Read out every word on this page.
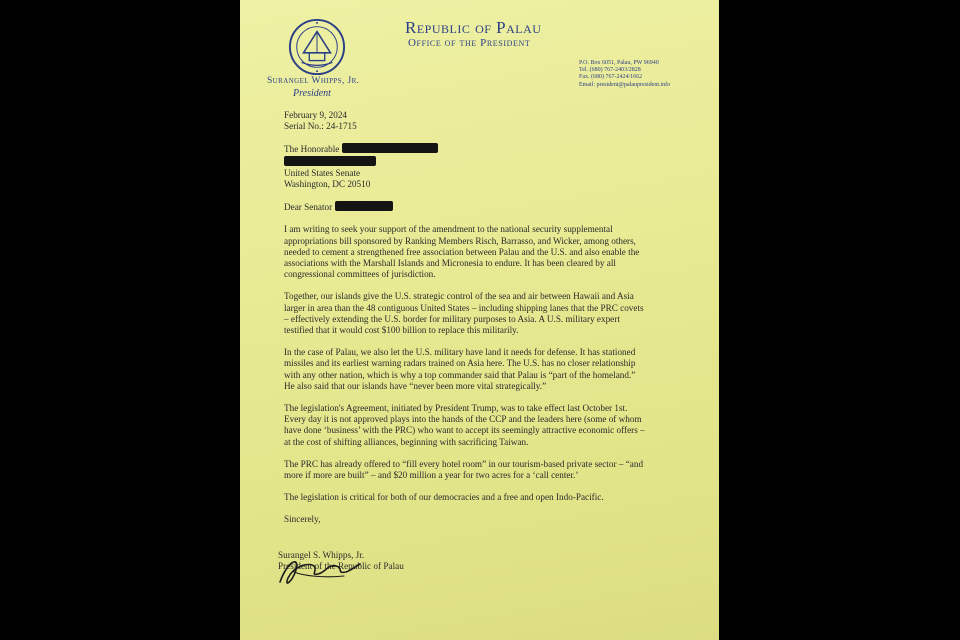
Republic of Palau
Office of the President
Surangel Whipps, Jr.
President
P.O. Box 6051, Palau, PW 96940
Tel. (680) 767-2403/2828
Fax. (680) 767-2424/1662
Email: president@palaupresident.info
February 9, 2024
Serial No.: 24-1715
The Honorable
United States Senate
Washington, DC 20510
Dear Senator
I am writing to seek your support of the amendment to the national security supplemental
appropriations bill sponsored by Ranking Members Risch, Barrasso, and Wicker, among others,
needed to cement a strengthened free association between Palau and the U.S. and also enable the
associations with the Marshall Islands and Micronesia to endure. It has been cleared by all
congressional committees of jurisdiction.
Together, our islands give the U.S. strategic control of the sea and air between Hawaii and Asia
larger in area than the 48 contiguous United States – including shipping lanes that the PRC covets
– effectively extending the U.S. border for military purposes to Asia. A U.S. military expert
testified that it would cost $100 billion to replace this militarily.
In the case of Palau, we also let the U.S. military have land it needs for defense. It has stationed
missiles and its earliest warning radars trained on Asia here. The U.S. has no closer relationship
with any other nation, which is why a top commander said that Palau is “part of the homeland.”
He also said that our islands have “never been more vital strategically.”
The legislation's Agreement, initiated by President Trump, was to take effect last October 1st.
Every day it is not approved plays into the hands of the CCP and the leaders here (some of whom
have done ‘business’ with the PRC) who want to accept its seemingly attractive economic offers –
at the cost of shifting alliances, beginning with sacrificing Taiwan.
The PRC has already offered to “fill every hotel room” in our tourism-based private sector – “and
more if more are built” – and $20 million a year for two acres for a ‘call center.’
The legislation is critical for both of our democracies and a free and open Indo-Pacific.
Sincerely,
Surangel S. Whipps, Jr.
President of the Republic of Palau
